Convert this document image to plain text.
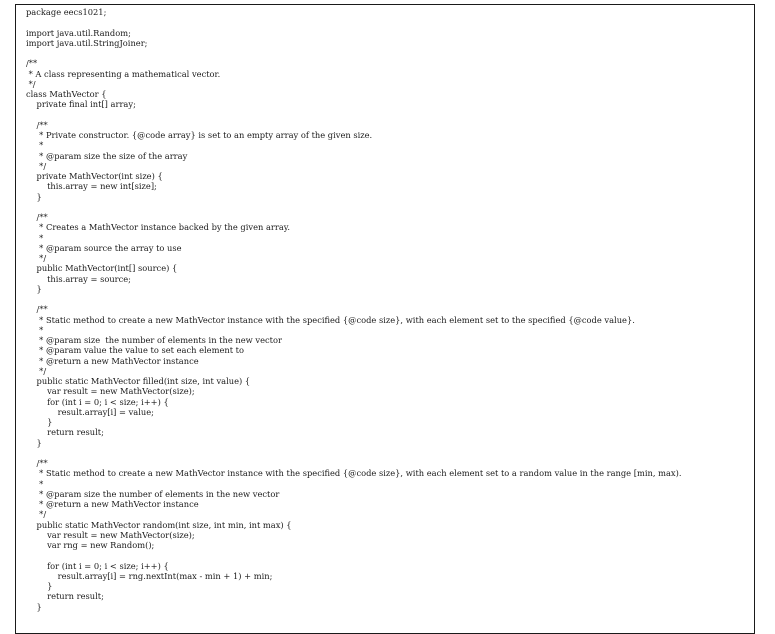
package eecs1021;
import java.util.Random;
import java.util.StringJoiner;
/**
* A class representing a mathematical vector.
*/
class MathVector {
private final int[] array;
/**
* Private constructor. {@code array} is set to an empty array of the given size.
*
* @param size the size of the array
*/
private MathVector(int size) {
this.array = new int[size];
}
/**
* Creates a MathVector instance backed by the given array.
*
* @param source the array to use
*/
public MathVector(int[] source) {
this.array = source;
}
/**
* Static method to create a new MathVector instance with the specified {@code size}, with each element set to the specified {@code value}.
*
* @param size  the number of elements in the new vector
* @param value the value to set each element to
* @return a new MathVector instance
*/
public static MathVector filled(int size, int value) {
var result = new MathVector(size);
for (int i = 0; i < size; i++) {
result.array[i] = value;
}
return result;
}
/**
* Static method to create a new MathVector instance with the specified {@code size}, with each element set to a random value in the range [min, max).
*
* @param size the number of elements in the new vector
* @return a new MathVector instance
*/
public static MathVector random(int size, int min, int max) {
var result = new MathVector(size);
var rng = new Random();
for (int i = 0; i < size; i++) {
result.array[i] = rng.nextInt(max - min + 1) + min;
}
return result;
}
